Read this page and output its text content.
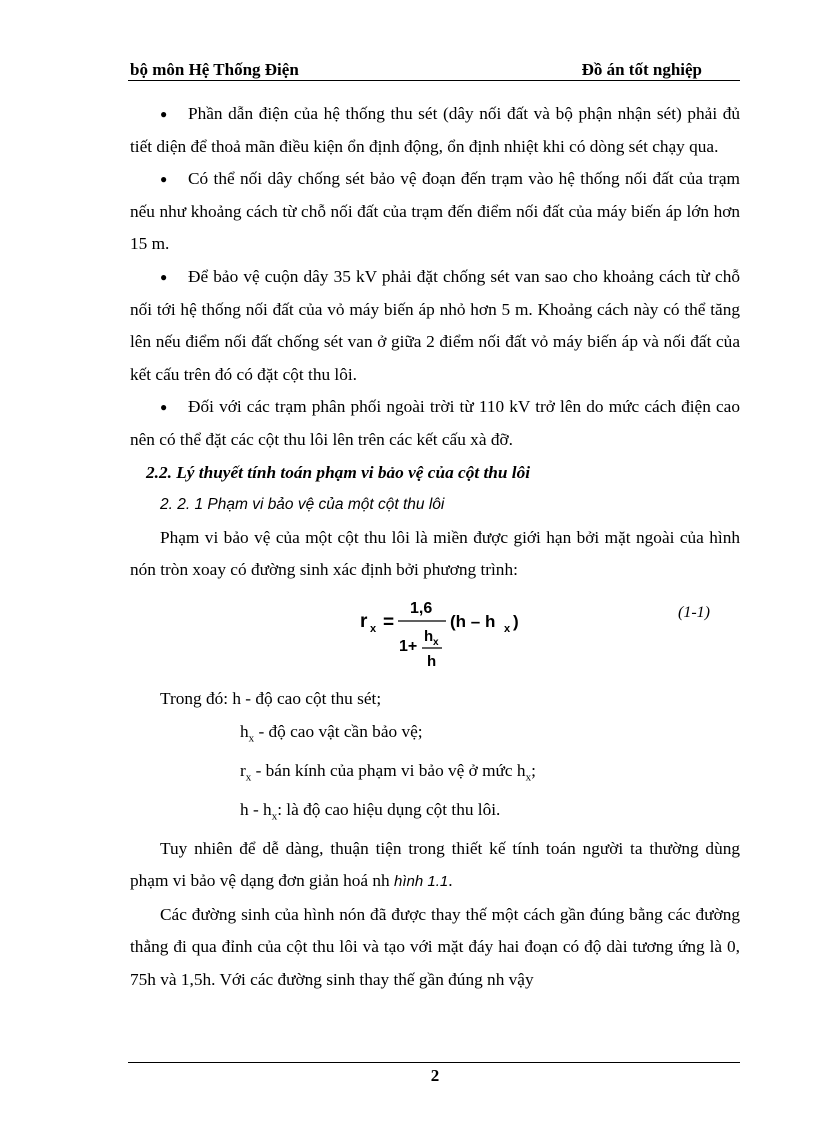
bộ môn Hệ Thống Điện	Đồ án tốt nghiệp

● Phần dẫn điện của hệ thống thu sét (dây nối đất và bộ phận nhận sét) phải đủ tiết diện để thoả mãn điều kiện ổn định động, ổn định nhiệt khi có dòng sét chạy qua.

● Có thể nối dây chống sét bảo vệ đoạn đến trạm vào hệ thống nối đất của trạm nếu như khoảng cách từ chỗ nối đất của trạm đến điểm nối đất của máy biến áp lớn hơn 15 m.

● Để bảo vệ cuộn dây 35 kV phải đặt chống sét van sao cho khoảng cách từ chỗ nối tới hệ thống nối đất của vỏ máy biến áp nhỏ hơn 5 m. Khoảng cách này có thể tăng lên nếu điểm nối đất chống sét van ở giữa 2 điểm nối đất vỏ máy biến áp và nối đất của kết cấu trên đó có đặt cột thu lôi.

● Đối với các trạm phân phối ngoài trời từ 110 kV trở lên do mức cách điện cao nên có thể đặt các cột thu lôi lên trên các kết cấu xà đỡ.

2.2. Lý thuyết tính toán phạm vi bảo vệ của cột thu lôi

2. 2. 1 Phạm vi bảo vệ của một cột thu lôi

Phạm vi bảo vệ của một cột thu lôi là miền được giới hạn bởi mặt ngoài của hình nón tròn xoay có đường sinh xác định bởi phương trình:

r x =
1,6
1+
h x
h
(h – h x )	(1-1)

Trong đó: h - độ cao cột thu sét;

$h_x$ - độ cao vật cần bảo vệ;

$r_x$ - bán kính của phạm vi bảo vệ ở mức $h_x$;

h - $h_x$: là độ cao hiệu dụng cột thu lôi.

Tuy nhiên để dễ dàng, thuận tiện trong thiết kế tính toán người ta thường dùng phạm vi bảo vệ dạng đơn giản hoá nh hình 1.1.

Các đường sinh của hình nón đã được thay thế một cách gần đúng bằng các đường thẳng đi qua đỉnh của cột thu lôi và tạo với mặt đáy hai đoạn có độ dài tương ứng là 0, 75h và 1,5h. Với các đường sinh thay thế gần đúng nh vậy

2
